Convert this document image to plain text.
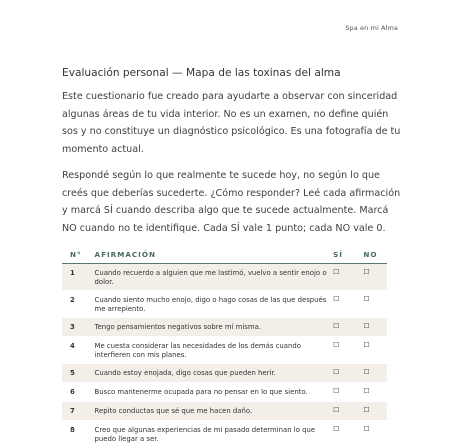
Spa en mi Alma
Evaluación personal — Mapa de las toxinas del alma

Este cuestionario fue creado para ayudarte a observar con sinceridad algunas áreas de tu vida interior. No es un examen, no define quién sos y no constituye un diagnóstico psicológico. Es una fotografía de tu momento actual.

Respondé según lo que realmente te sucede hoy, no según lo que creés que deberías sucederte. ¿Cómo responder? Leé cada afirmación y marcá SÍ cuando describa algo que te sucede actualmente. Marcá NO cuando no te identifique. Cada SÍ vale 1 punto; cada NO vale 0.

N°	AFIRMACIÓN	SÍ	NO
1	Cuando recuerdo a alguien que me lastimó, vuelvo a sentir enojo o dolor.	☐	☐
2	Cuando siento mucho enojo, digo o hago cosas de las que después me arrepiento.	☐	☐
3	Tengo pensamientos negativos sobre mí misma.	☐	☐
4	Me cuesta considerar las necesidades de los demás cuando interfieren con mis planes.	☐	☐
5	Cuando estoy enojada, digo cosas que pueden herir.	☐	☐
6	Busco mantenerme ocupada para no pensar en lo que siento.	☐	☐
7	Repito conductas que sé que me hacen daño.	☐	☐
8	Creo que algunas experiencias de mi pasado determinan lo que puedo llegar a ser.	☐	☐
